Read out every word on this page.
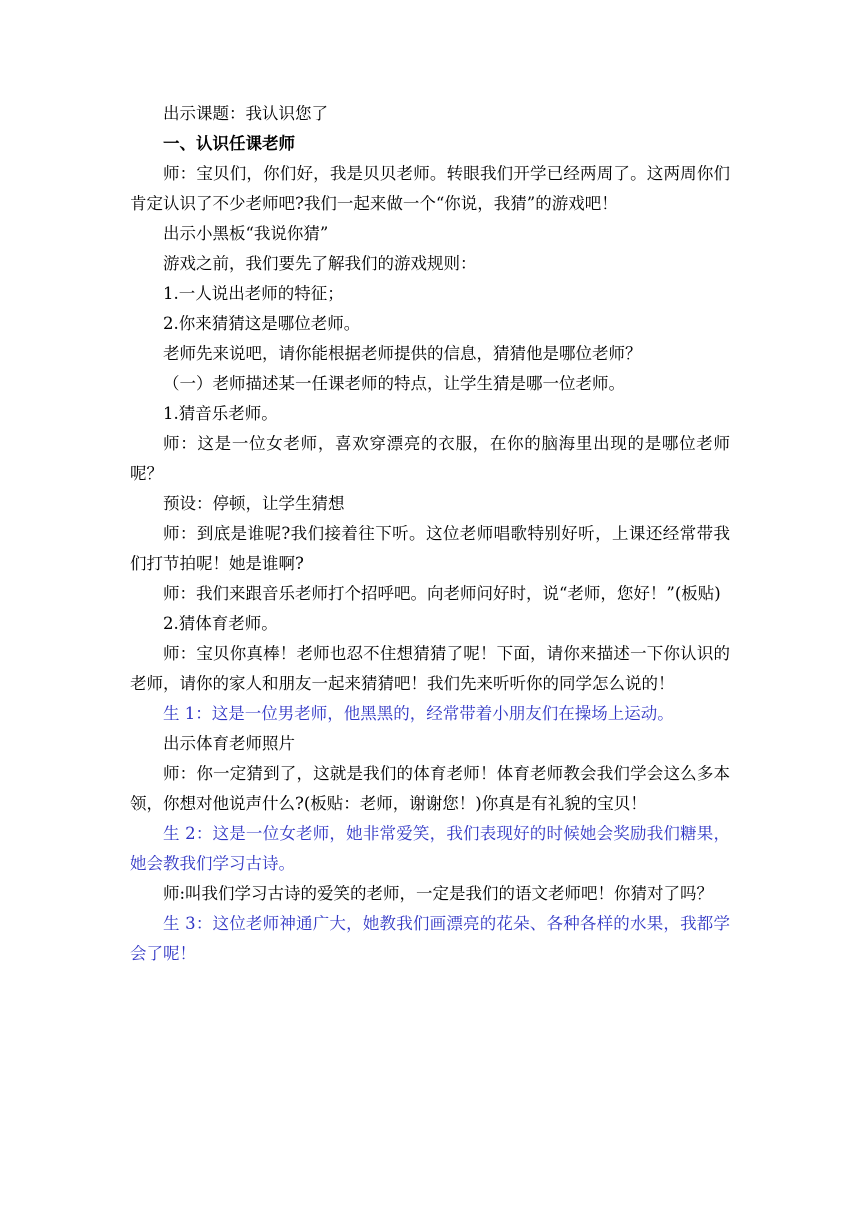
出示课题：我认识您了

一、认识任课老师

师：宝贝们，你们好，我是贝贝老师。转眼我们开学已经两周了。这两周你们肯定认识了不少老师吧?我们一起来做一个“你说，我猜”的游戏吧！

出示小黑板“我说你猜”

游戏之前，我们要先了解我们的游戏规则：

1.一人说出老师的特征；

2.你来猜猜这是哪位老师。

老师先来说吧，请你能根据老师提供的信息，猜猜他是哪位老师？

（一）老师描述某一任课老师的特点，让学生猜是哪一位老师。

1.猜音乐老师。

师：这是一位女老师，喜欢穿漂亮的衣服，在你的脑海里出现的是哪位老师呢？

预设：停顿，让学生猜想

师：到底是谁呢?我们接着往下听。这位老师唱歌特别好听，上课还经常带我们打节拍呢！她是谁啊?

师：我们来跟音乐老师打个招呼吧。向老师问好时，说“老师，您好！”(板贴)

2.猜体育老师。

师：宝贝你真棒！老师也忍不住想猜猜了呢！下面，请你来描述一下你认识的老师，请你的家人和朋友一起来猜猜吧！我们先来听听你的同学怎么说的！

生 1：这是一位男老师，他黑黑的，经常带着小朋友们在操场上运动。

出示体育老师照片

师：你一定猜到了，这就是我们的体育老师！体育老师教会我们学会这么多本领，你想对他说声什么?(板贴：老师，谢谢您！)你真是有礼貌的宝贝！

生 2：这是一位女老师，她非常爱笑，我们表现好的时候她会奖励我们糖果，她会教我们学习古诗。

师:叫我们学习古诗的爱笑的老师，一定是我们的语文老师吧！你猜对了吗？

生 3：这位老师神通广大，她教我们画漂亮的花朵、各种各样的水果，我都学会了呢！
